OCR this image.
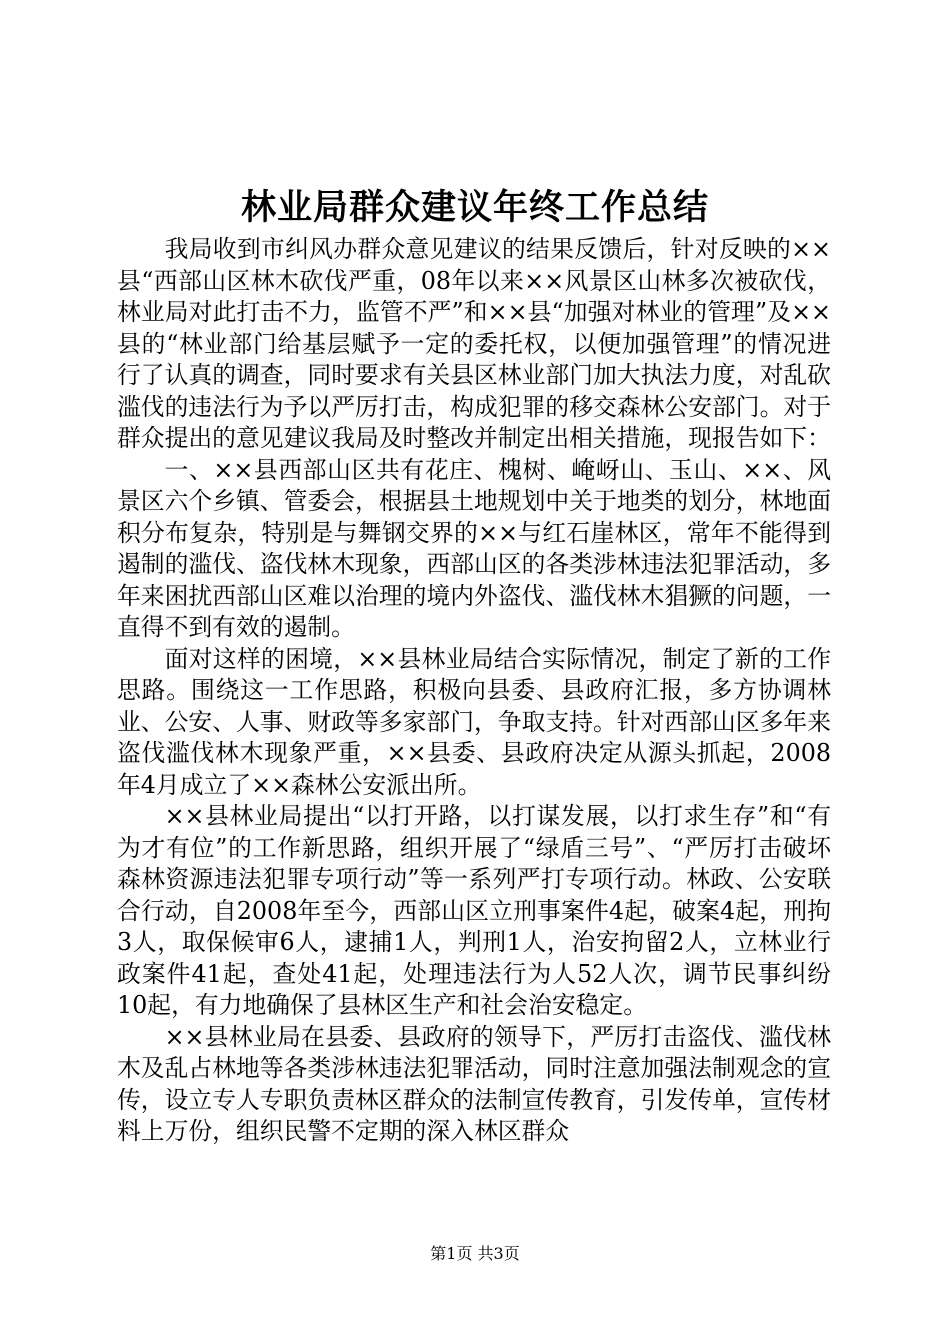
林业局群众建议年终工作总结

我局收到市纠风办群众意见建议的结果反馈后，针对反映的××县“西部山区林木砍伐严重，08年以来××风景区山林多次被砍伐，林业局对此打击不力，监管不严”和××县“加强对林业的管理”及××县的“林业部门给基层赋予一定的委托权，以便加强管理”的情况进行了认真的调查，同时要求有关县区林业部门加大执法力度，对乱砍滥伐的违法行为予以严厉打击，构成犯罪的移交森林公安部门。对于群众提出的意见建议我局及时整改并制定出相关措施，现报告如下：

一、××县西部山区共有花庄、槐树、崦岈山、玉山、××、风景区六个乡镇、管委会，根据县土地规划中关于地类的划分，林地面积分布复杂，特别是与舞钢交界的××与红石崖林区，常年不能得到遏制的滥伐、盗伐林木现象，西部山区的各类涉林违法犯罪活动，多年来困扰西部山区难以治理的境内外盗伐、滥伐林木猖獗的问题，一直得不到有效的遏制。

面对这样的困境，××县林业局结合实际情况，制定了新的工作思路。围绕这一工作思路，积极向县委、县政府汇报，多方协调林业、公安、人事、财政等多家部门，争取支持。针对西部山区多年来盗伐滥伐林木现象严重，××县委、县政府决定从源头抓起，2008年4月成立了××森林公安派出所。

××县林业局提出“以打开路，以打谋发展，以打求生存”和“有为才有位”的工作新思路，组织开展了“绿盾三号”、“严厉打击破坏森林资源违法犯罪专项行动”等一系列严打专项行动。林政、公安联合行动，自2008年至今，西部山区立刑事案件4起，破案4起，刑拘3人，取保候审6人，逮捕1人，判刑1人，治安拘留2人，立林业行政案件41起，查处41起，处理违法行为人52人次，调节民事纠纷10起，有力地确保了县林区生产和社会治安稳定。

××县林业局在县委、县政府的领导下，严厉打击盗伐、滥伐林木及乱占林地等各类涉林违法犯罪活动，同时注意加强法制观念的宣传，设立专人专职负责林区群众的法制宣传教育，引发传单，宣传材料上万份，组织民警不定期的深入林区群众

第1页 共3页
